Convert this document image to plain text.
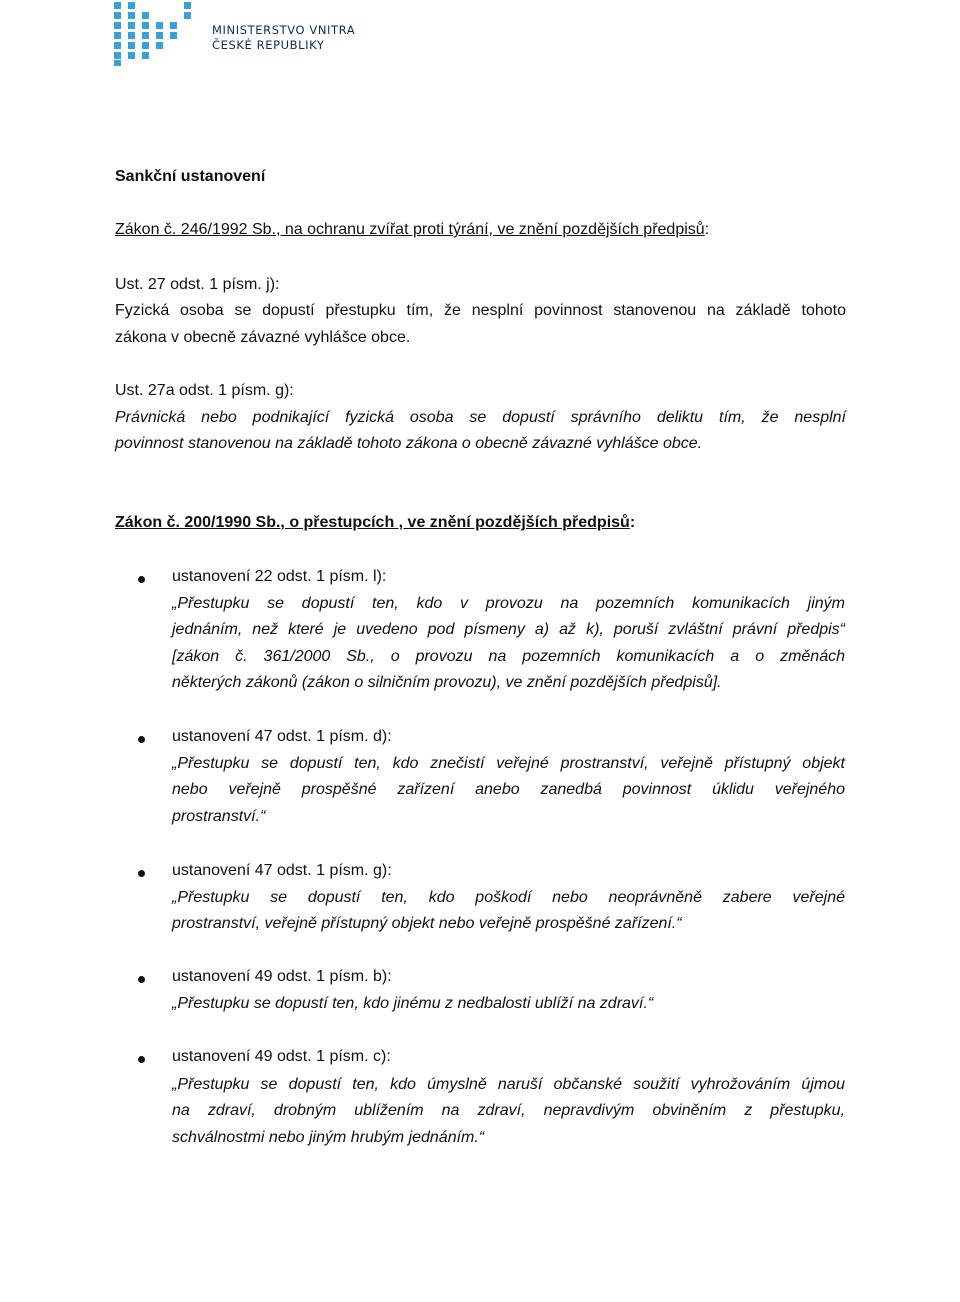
MINISTERSTVO VNITRA
ČESKÉ REPUBLIKY
Sankční ustanovení
Zákon č. 246/1992 Sb., na ochranu zvířat proti týrání, ve znění pozdějších předpisů:
Ust. 27 odst. 1 písm. j):
Fyzická osoba se dopustí přestupku tím, že nesplní povinnost stanovenou na základě tohoto
zákona v obecně závazné vyhlášce obce.
Ust. 27a odst. 1 písm. g):
Právnická nebo podnikající fyzická osoba se dopustí správního deliktu tím, že nesplní
povinnost stanovenou na základě tohoto zákona o obecně závazné vyhlášce obce.
Zákon č. 200/1990 Sb., o přestupcích , ve znění pozdějších předpisů:
ustanovení 22 odst. 1 písm. l):
„Přestupku se dopustí ten, kdo v provozu na pozemních komunikacích jiným
jednáním, než které je uvedeno pod písmeny a) až k), poruší zvláštní právní předpis“
[zákon č. 361/2000 Sb., o provozu na pozemních komunikacích a o změnách
některých zákonů (zákon o silničním provozu), ve znění pozdějších předpisů].
ustanovení 47 odst. 1 písm. d):
„Přestupku se dopustí ten, kdo znečistí veřejné prostranství, veřejně přístupný objekt
nebo veřejně prospěšné zařízení anebo zanedbá povinnost úklidu veřejného
prostranství.“
ustanovení 47 odst. 1 písm. g):
„Přestupku se dopustí ten, kdo poškodí nebo neoprávněně zabere veřejné
prostranství, veřejně přístupný objekt nebo veřejně prospěšné zařízení.“
ustanovení 49 odst. 1 písm. b):
„Přestupku se dopustí ten, kdo jinému z nedbalosti ublíží na zdraví.“
ustanovení 49 odst. 1 písm. c):
„Přestupku se dopustí ten, kdo úmyslně naruší občanské soužití vyhrožováním újmou
na zdraví, drobným ublížením na zdraví, nepravdivým obviněním z přestupku,
schválnostmi nebo jiným hrubým jednáním.“
